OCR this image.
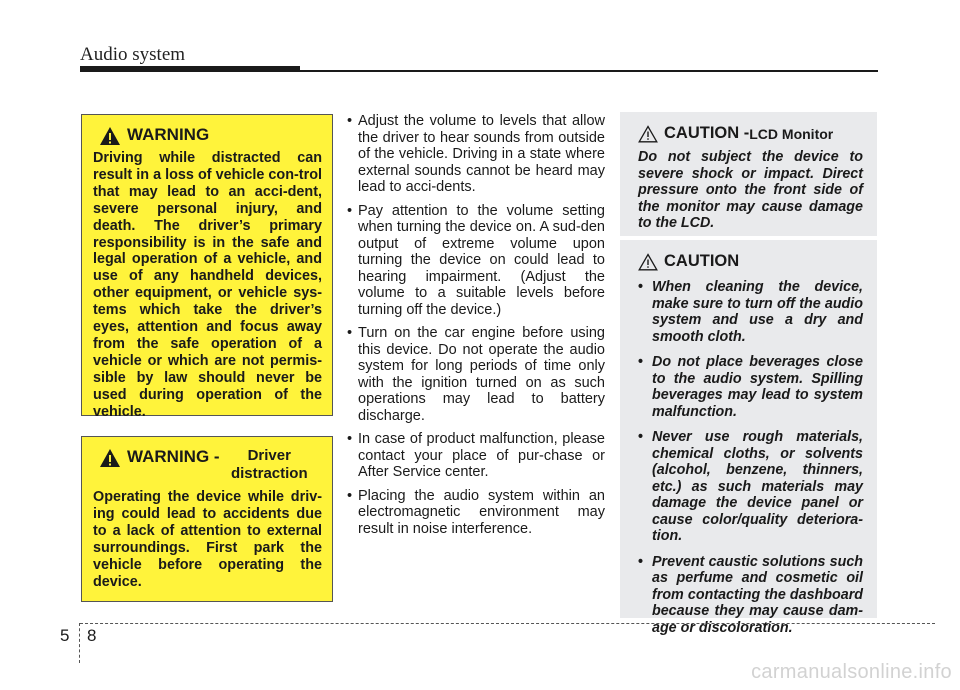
Audio system
WARNING
Driving while distracted can result in a loss of vehicle con-trol that may lead to an acci-dent, severe personal injury, and death. The driver’s primary responsibility is in the safe and legal operation of a vehicle, and use of any handheld devices, other equipment, or vehicle sys-tems which take the driver’s eyes, attention and focus away from the safe operation of a vehicle or which are not permis-sible by law should never be used during operation of the vehicle.
WARNING - Driver distraction
Operating the device while driv-ing could lead to accidents due to a lack of attention to external surroundings. First park the vehicle before operating the device.
• Adjust the volume to levels that allow the driver to hear sounds from outside of the vehicle. Driving in a state where external sounds cannot be heard may lead to acci-dents.
• Pay attention to the volume setting when turning the device on. A sud-den output of extreme volume upon turning the device on could lead to hearing impairment. (Adjust the volume to a suitable levels before turning off the device.)
• Turn on the car engine before using this device. Do not operate the audio system for long periods of time only with the ignition turned on as such operations may lead to battery discharge.
• In case of product malfunction, please contact your place of pur-chase or After Service center.
• Placing the audio system within an electromagnetic environment may result in noise interference.
CAUTION - LCD Monitor
Do not subject the device to severe shock or impact. Direct pressure onto the front side of the monitor may cause damage to the LCD.
CAUTION
• When cleaning the device, make sure to turn off the audio system and use a dry and smooth cloth.
• Do not place beverages close to the audio system. Spilling beverages may lead to system malfunction.
• Never use rough materials, chemical cloths, or solvents (alcohol, benzene, thinners, etc.) as such materials may damage the device panel or cause color/quality deteriora-tion.
• Prevent caustic solutions such as perfume and cosmetic oil from contacting the dashboard because they may cause dam-age or discoloration.
5 8
carmanualsonline.info
